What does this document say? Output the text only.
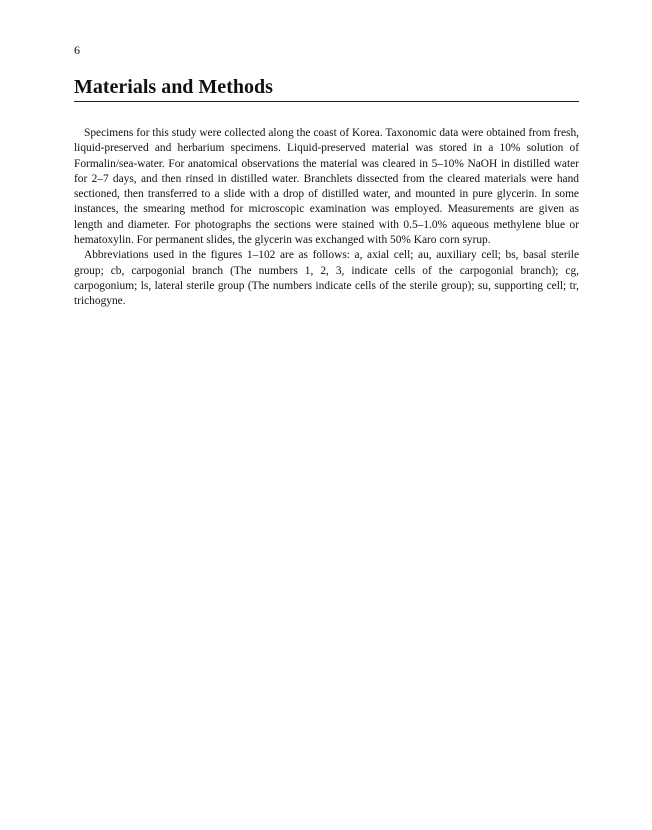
6
Materials and Methods

Specimens for this study were collected along the coast of Korea. Taxonomic data were obtained from fresh, liquid-preserved and herbarium specimens. Liquid-preserved material was stored in a 10% solution of Formalin/sea-water. For anatomical observations the material was cleared in 5–10% NaOH in distilled water for 2–7 days, and then rinsed in distilled water. Branchlets dissected from the cleared materials were hand sectioned, then transferred to a slide with a drop of distilled water, and mounted in pure glycerin. In some instances, the smearing method for microscopic examination was employed. Measurements are given as length and diameter. For photographs the sections were stained with 0.5–1.0% aqueous methylene blue or hematoxylin. For permanent slides, the glycerin was exchanged with 50% Karo corn syrup.

Abbreviations used in the figures 1–102 are as follows: a, axial cell; au, auxiliary cell; bs, basal sterile group; cb, carpogonial branch (The numbers 1, 2, 3, indicate cells of the carpogonial branch); cg, carpogonium; ls, lateral sterile group (The numbers indicate cells of the sterile group); su, supporting cell; tr, trichogyne.
